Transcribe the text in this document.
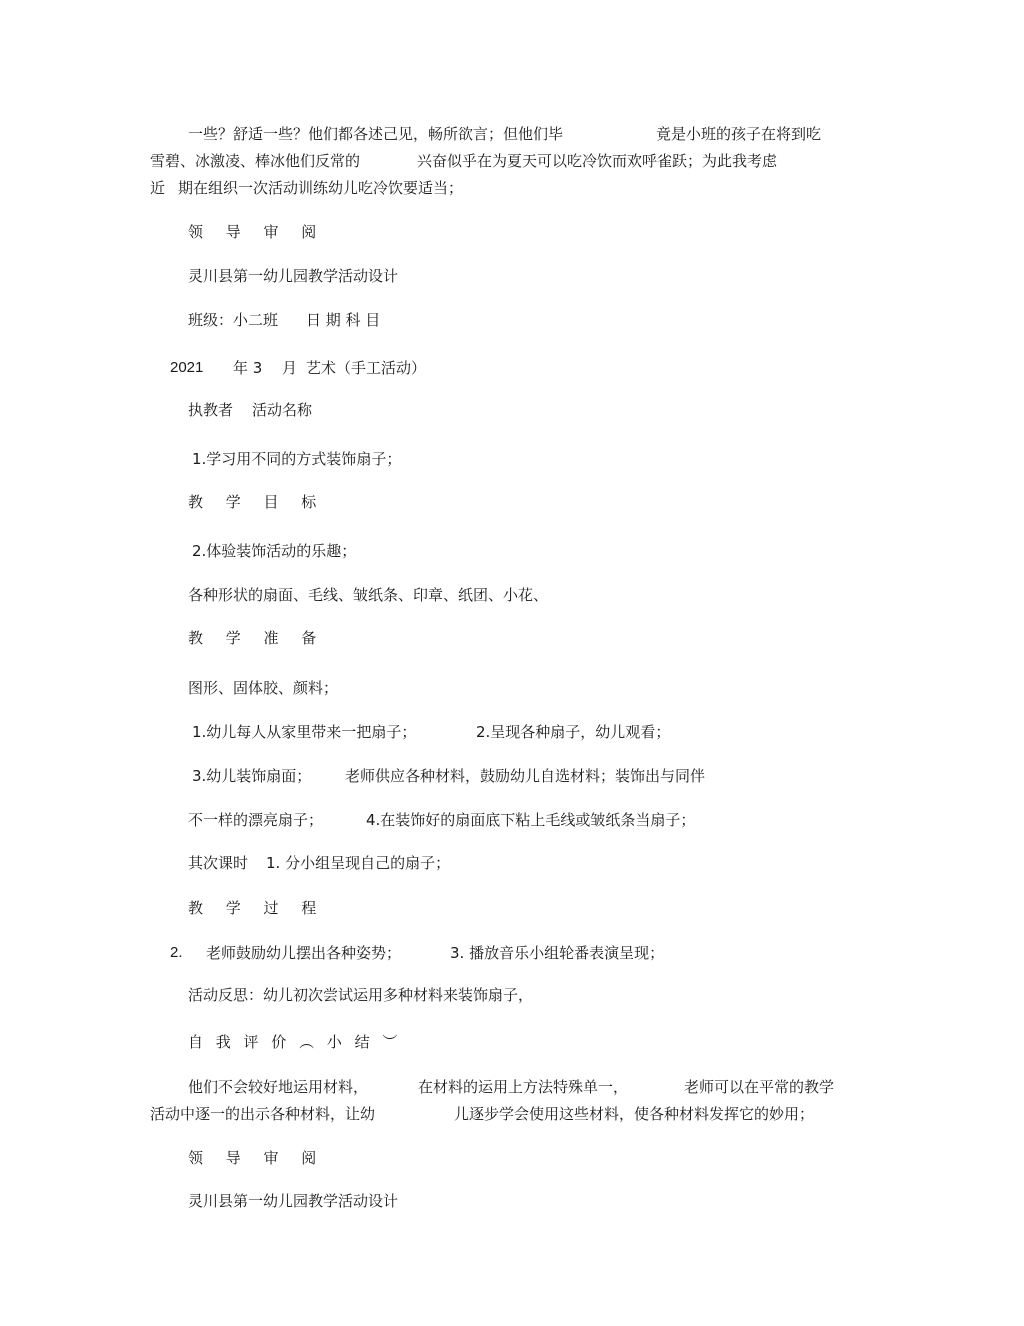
一些？舒适一些？他们都各述己见，畅所欲言；但他们毕	竟是小班的孩子在将到吃
雪碧、冰激凌、棒冰他们反常的	兴奋似乎在为夏天可以吃冷饮而欢呼雀跃；为此我考虑
近 期在组织一次活动训练幼儿吃冷饮要适当；
领 导 审 阅
灵川县第一幼儿园教学活动设计
班级：小二班 日 期 科 目
2021 年 3 月 艺术（手工活动）
执教者 活动名称
1.学习用不同的方式装饰扇子；
教 学 目 标
2.体验装饰活动的乐趣；
各种形状的扇面、毛线、皱纸条、印章、纸团、小花、
教 学 准 备
图形、固体胶、颜料；
1.幼儿每人从家里带来一把扇子；	2.呈现各种扇子，幼儿观看；
3.幼儿装饰扇面； 老师供应各种材料，鼓励幼儿自选材料；装饰出与同伴
不一样的漂亮扇子；	4.在装饰好的扇面底下粘上毛线或皱纸条当扇子；
其次课时 1. 分小组呈现自己的扇子；
教 学 过 程
2. 老师鼓励幼儿摆出各种姿势；	3. 播放音乐小组轮番表演呈现；
活动反思：幼儿初次尝试运用多种材料来装饰扇子，
自 我 评 价 ︵ 小 结 ︶
他们不会较好地运用材料，	在材料的运用上方法特殊单一，	老师可以在平常的教学
活动中逐一的出示各种材料，让幼	儿逐步学会使用这些材料，使各种材料发挥它的妙用；
领 导 审 阅
灵川县第一幼儿园教学活动设计
